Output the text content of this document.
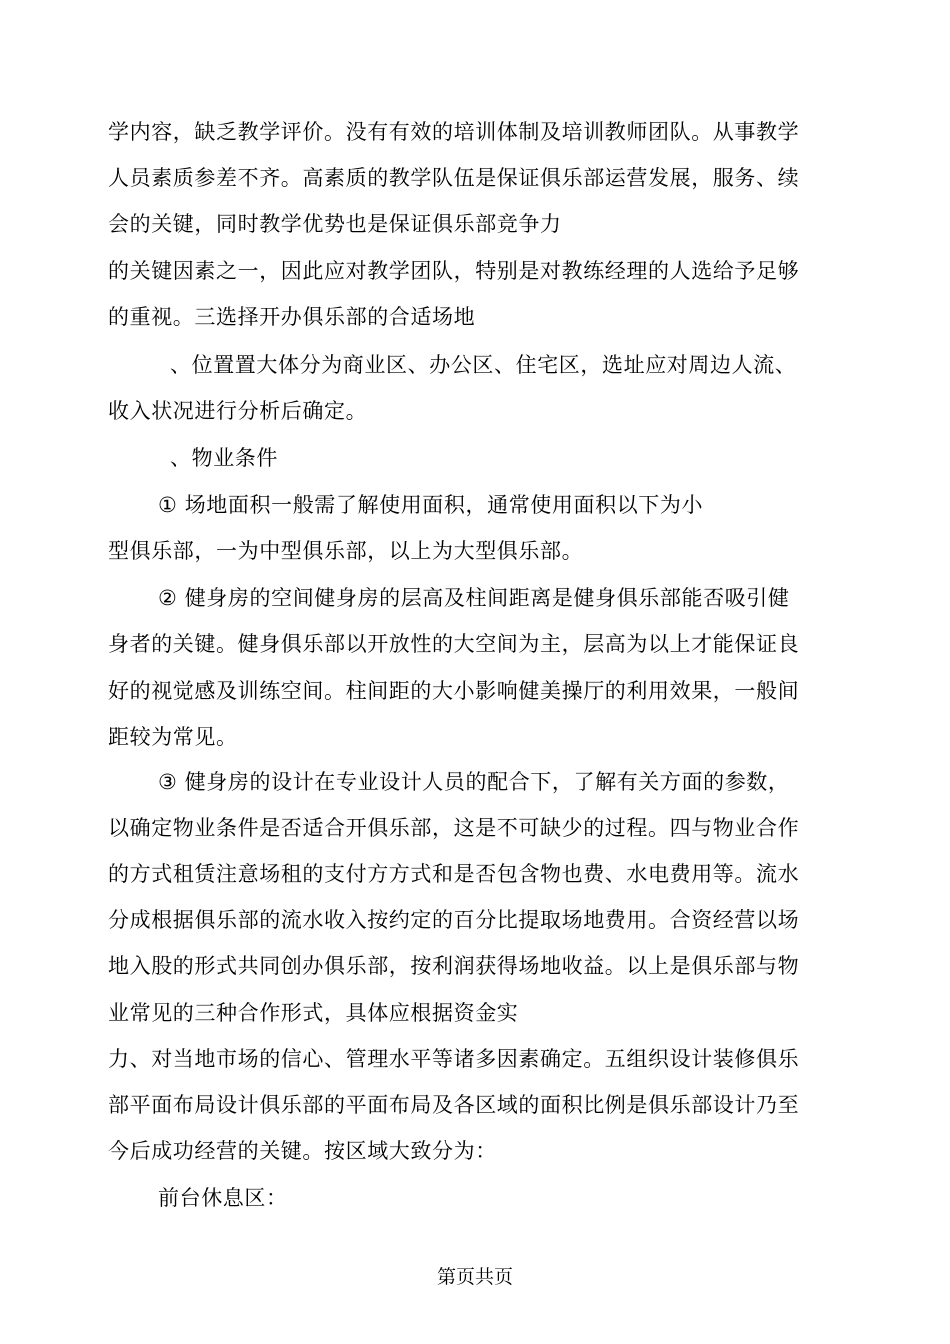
学内容，缺乏教学评价。没有有效的培训体制及培训教师团队。从事教学
人员素质参差不齐。高素质的教学队伍是保证俱乐部运营发展，服务、续
会的关键，同时教学优势也是保证俱乐部竞争力
的关键因素之一，因此应对教学团队，特别是对教练经理的人选给予足够
的重视。三选择开办俱乐部的合适场地
、位置置大体分为商业区、办公区、住宅区，选址应对周边人流、
收入状况进行分析后确定。
、物业条件
① 场地面积一般需了解使用面积，通常使用面积以下为小
型俱乐部，一为中型俱乐部，以上为大型俱乐部。
② 健身房的空间健身房的层高及柱间距离是健身俱乐部能否吸引健
身者的关键。健身俱乐部以开放性的大空间为主，层高为以上才能保证良
好的视觉感及训练空间。柱间距的大小影响健美操厅的利用效果，一般间
距较为常见。
③ 健身房的设计在专业设计人员的配合下，了解有关方面的参数，
以确定物业条件是否适合开俱乐部，这是不可缺少的过程。四与物业合作
的方式租赁注意场租的支付方方式和是否包含物也费、水电费用等。流水
分成根据俱乐部的流水收入按约定的百分比提取场地费用。合资经营以场
地入股的形式共同创办俱乐部，按利润获得场地收益。以上是俱乐部与物
业常见的三种合作形式，具体应根据资金实
力、对当地市场的信心、管理水平等诸多因素确定。五组织设计装修俱乐
部平面布局设计俱乐部的平面布局及各区域的面积比例是俱乐部设计乃至
今后成功经营的关键。按区域大致分为：
前台休息区：
第页共页
